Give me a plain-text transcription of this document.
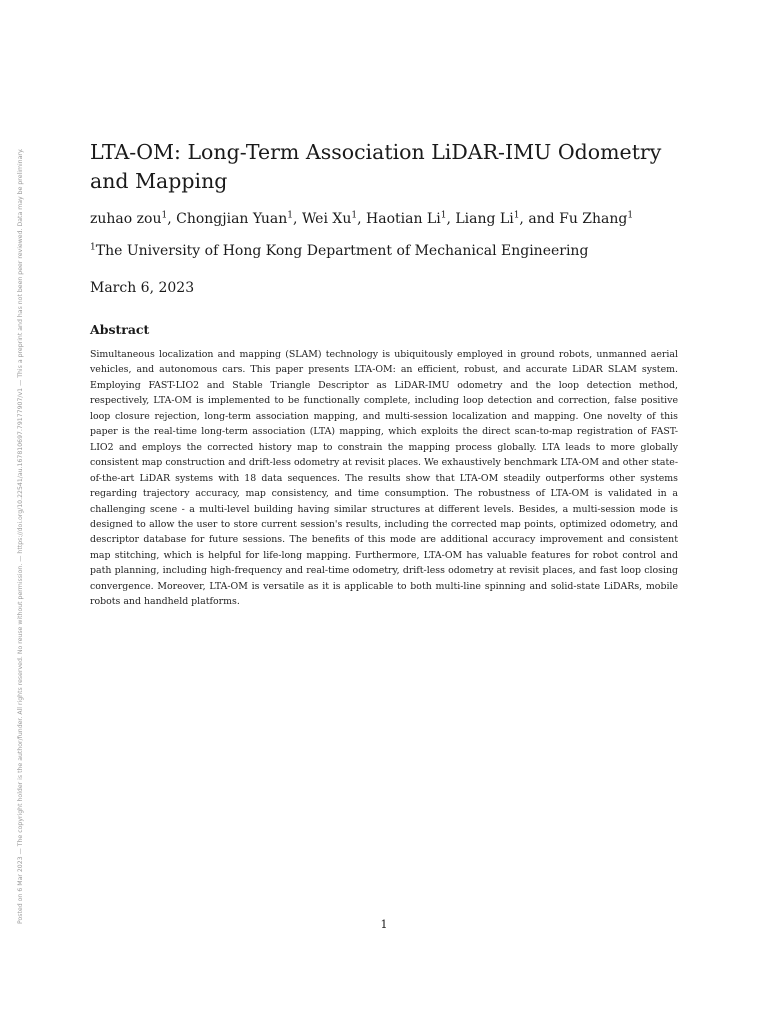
Posted on 6 Mar 2023 — The copyright holder is the author/funder. All rights reserved. No reuse without permission. — https://doi.org/10.22541/au.167810697.79177907/v1 — This a preprint and has not been peer reviewed. Data may be preliminary.	LTA-OM: Long-Term Association LiDAR-IMU Odometry and Mapping

zuhao zou$^1$, Chongjian Yuan$^1$, Wei Xu$^1$, Haotian Li$^1$, Liang Li$^1$, and Fu Zhang$^1$

$^1$The University of Hong Kong Department of Mechanical Engineering

March 6, 2023

Abstract

Simultaneous localization and mapping (SLAM) technology is ubiquitously employed in ground robots, unmanned aerial vehicles, and autonomous cars. This paper presents LTA-OM: an efficient, robust, and accurate LiDAR SLAM system. Employing FAST-LIO2 and Stable Triangle Descriptor as LiDAR-IMU odometry and the loop detection method, respectively, LTA-OM is implemented to be functionally complete, including loop detection and correction, false positive loop closure rejection, long-term association mapping, and multi-session localization and mapping. One novelty of this paper is the real-time long-term association (LTA) mapping, which exploits the direct scan-to-map registration of FAST-LIO2 and employs the corrected history map to constrain the mapping process globally. LTA leads to more globally consistent map construction and drift-less odometry at revisit places. We exhaustively benchmark LTA-OM and other state-of-the-art LiDAR systems with 18 data sequences. The results show that LTA-OM steadily outperforms other systems regarding trajectory accuracy, map consistency, and time consumption. The robustness of LTA-OM is validated in a challenging scene - a multi-level building having similar structures at different levels. Besides, a multi-session mode is designed to allow the user to store current session's results, including the corrected map points, optimized odometry, and descriptor database for future sessions. The benefits of this mode are additional accuracy improvement and consistent map stitching, which is helpful for life-long mapping. Furthermore, LTA-OM has valuable features for robot control and path planning, including high-frequency and real-time odometry, drift-less odometry at revisit places, and fast loop closing convergence. Moreover, LTA-OM is versatile as it is applicable to both multi-line spinning and solid-state LiDARs, mobile robots and handheld platforms.

1
